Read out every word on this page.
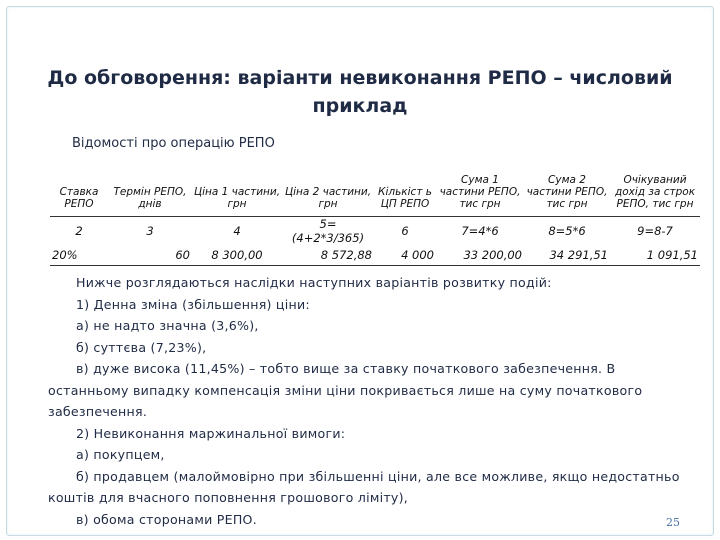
До обговорення: варіанти невиконання РЕПО – числовий приклад
Відомості про операцію РЕПО
Ставка РЕПО	Термін РЕПО, днів	Ціна 1 частини, грн	Ціна 2 частини, грн	Кількіст ь ЦП РЕПО	Сума 1 частини РЕПО, тис грн	Сума 2 частини РЕПО, тис грн	Очікуваний дохід за строк РЕПО, тис грн
2	3	4	5=(4+2*3/365)	6	7=4*6	8=5*6	9=8-7
20%	60	8 300,00	8 572,88	4 000	33 200,00	34 291,51	1 091,51

Нижче розглядаються наслідки наступних варіантів розвитку подій:

1) Денна зміна (збільшення) ціни:

а) не надто значна (3,6%),

б) суттєва (7,23%),

в) дуже висока (11,45%) – тобто вище за ставку початкового забезпечення. В останньому випадку компенсація зміни ціни покривається лише на суму початкового забезпечення.

2) Невиконання маржинальної вимоги:

а) покупцем,

б) продавцем (малоймовірно при збільшенні ціни, але все можливе, якщо недостатньо коштів для вчасного поповнення грошового ліміту),

в) обома сторонами РЕПО.	25
